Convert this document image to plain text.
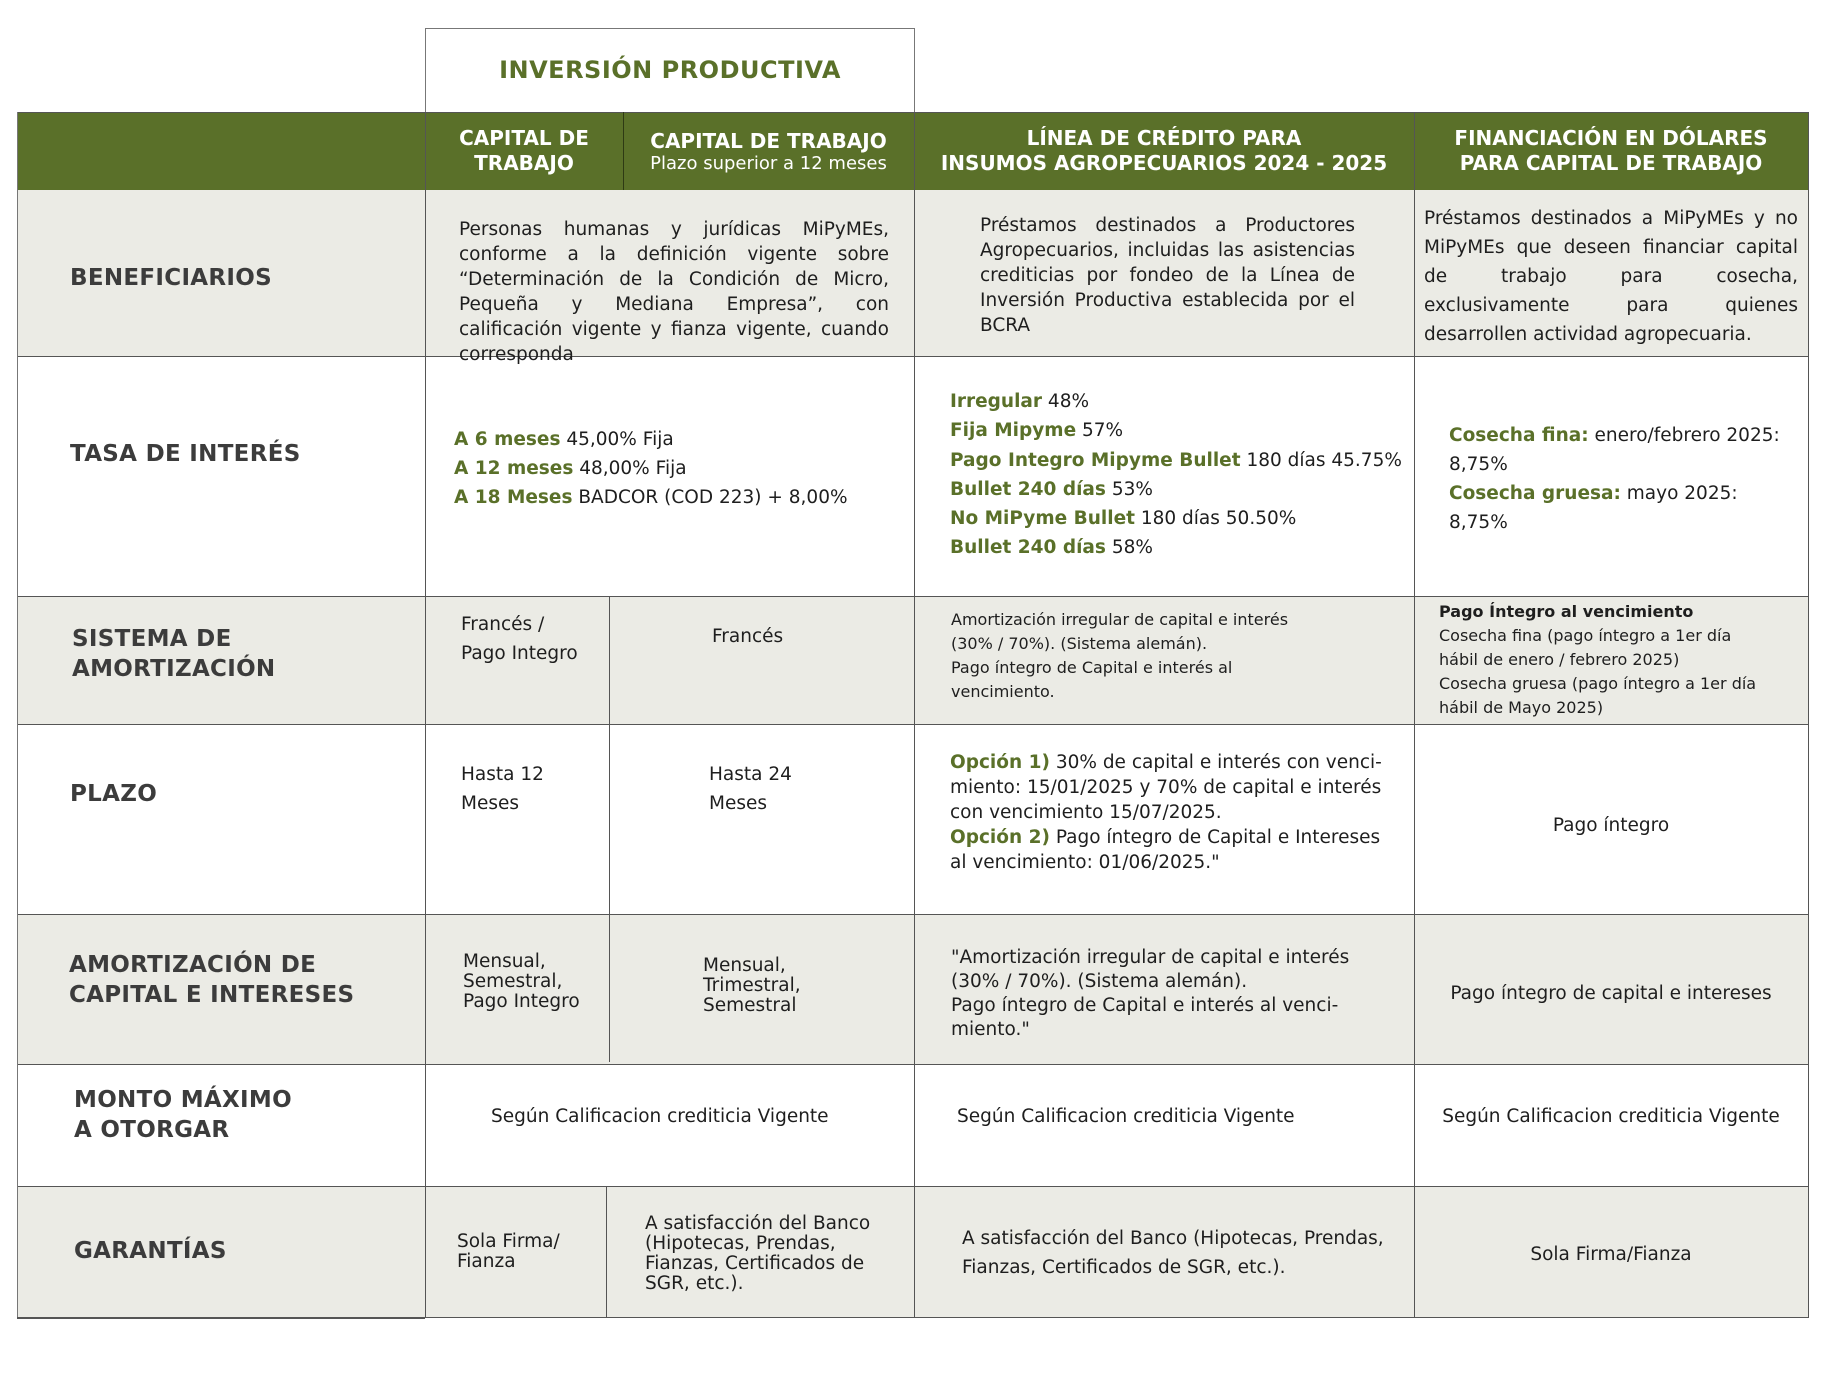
INVERSIÓN PRODUCTIVA
CAPITAL DE
TRABAJO
CAPITAL DE TRABAJO
Plazo superior a 12 meses
LÍNEA DE CRÉDITO PARA
INSUMOS AGROPECUARIOS 2024 - 2025
FINANCIACIÓN EN DÓLARES
PARA CAPITAL DE TRABAJO
BENEFICIARIOS
TASA DE INTERÉS
SISTEMA DE
AMORTIZACIÓN
PLAZO
AMORTIZACIÓN DE
CAPITAL E INTERESES
MONTO MÁXIMO
A OTORGAR
GARANTÍAS
Personas humanas y jurídicas MiPyMEs, conforme a la definición vigente sobre “Determinación de la Condición de Micro, Pequeña y Mediana Empresa”, con calificación vigente y fianza vigente, cuando corresponda
Préstamos destinados a Productores Agropecuarios, incluidas las asistencias crediticias por fondeo de la Línea de Inversión Productiva establecida por el BCRA
Préstamos destinados a MiPyMEs y no MiPyMEs que deseen financiar capital de trabajo para cosecha, exclusivamente para quienes desarrollen actividad agropecuaria.
A 6 meses 45,00% Fija
A 12 meses 48,00% Fija
A 18 Meses BADCOR (COD 223) + 8,00%
Irregular 48%
Fija Mipyme 57%
Pago Integro Mipyme Bullet 180 días 45.75%
Bullet 240 días 53%
No MiPyme Bullet 180 días 50.50%
Bullet 240 días 58%
Cosecha fina: enero/febrero 2025:
8,75%
Cosecha gruesa: mayo 2025:
8,75%
Francés /
Pago Integro
Francés
Amortización irregular de capital e interés
(30% / 70%). (Sistema alemán).
Pago íntegro de Capital e interés al
vencimiento.
Pago Íntegro al vencimiento
Cosecha fina (pago íntegro a 1er día
hábil de enero / febrero 2025)
Cosecha gruesa (pago íntegro a 1er día
hábil de Mayo 2025)
Hasta 12
Meses
Hasta 24
Meses
Opción 1) 30% de capital e interés con venci-
miento: 15/01/2025 y 70% de capital e interés
con vencimiento 15/07/2025.
Opción 2) Pago íntegro de Capital e Intereses
al vencimiento: 01/06/2025."
Pago íntegro
Mensual,
Semestral,
Pago Integro
Mensual,
Trimestral,
Semestral
"Amortización irregular de capital e interés
(30% / 70%). (Sistema alemán).
Pago íntegro de Capital e interés al venci-
miento."
Pago íntegro de capital e intereses
Según Calificacion crediticia Vigente	Según Calificacion crediticia Vigente	Según Calificacion crediticia Vigente
Sola Firma/
Fianza
A satisfacción del Banco
(Hipotecas, Prendas,
Fianzas, Certificados de
SGR, etc.).
A satisfacción del Banco (Hipotecas, Prendas,
Fianzas, Certificados de SGR, etc.).
Sola Firma/Fianza
